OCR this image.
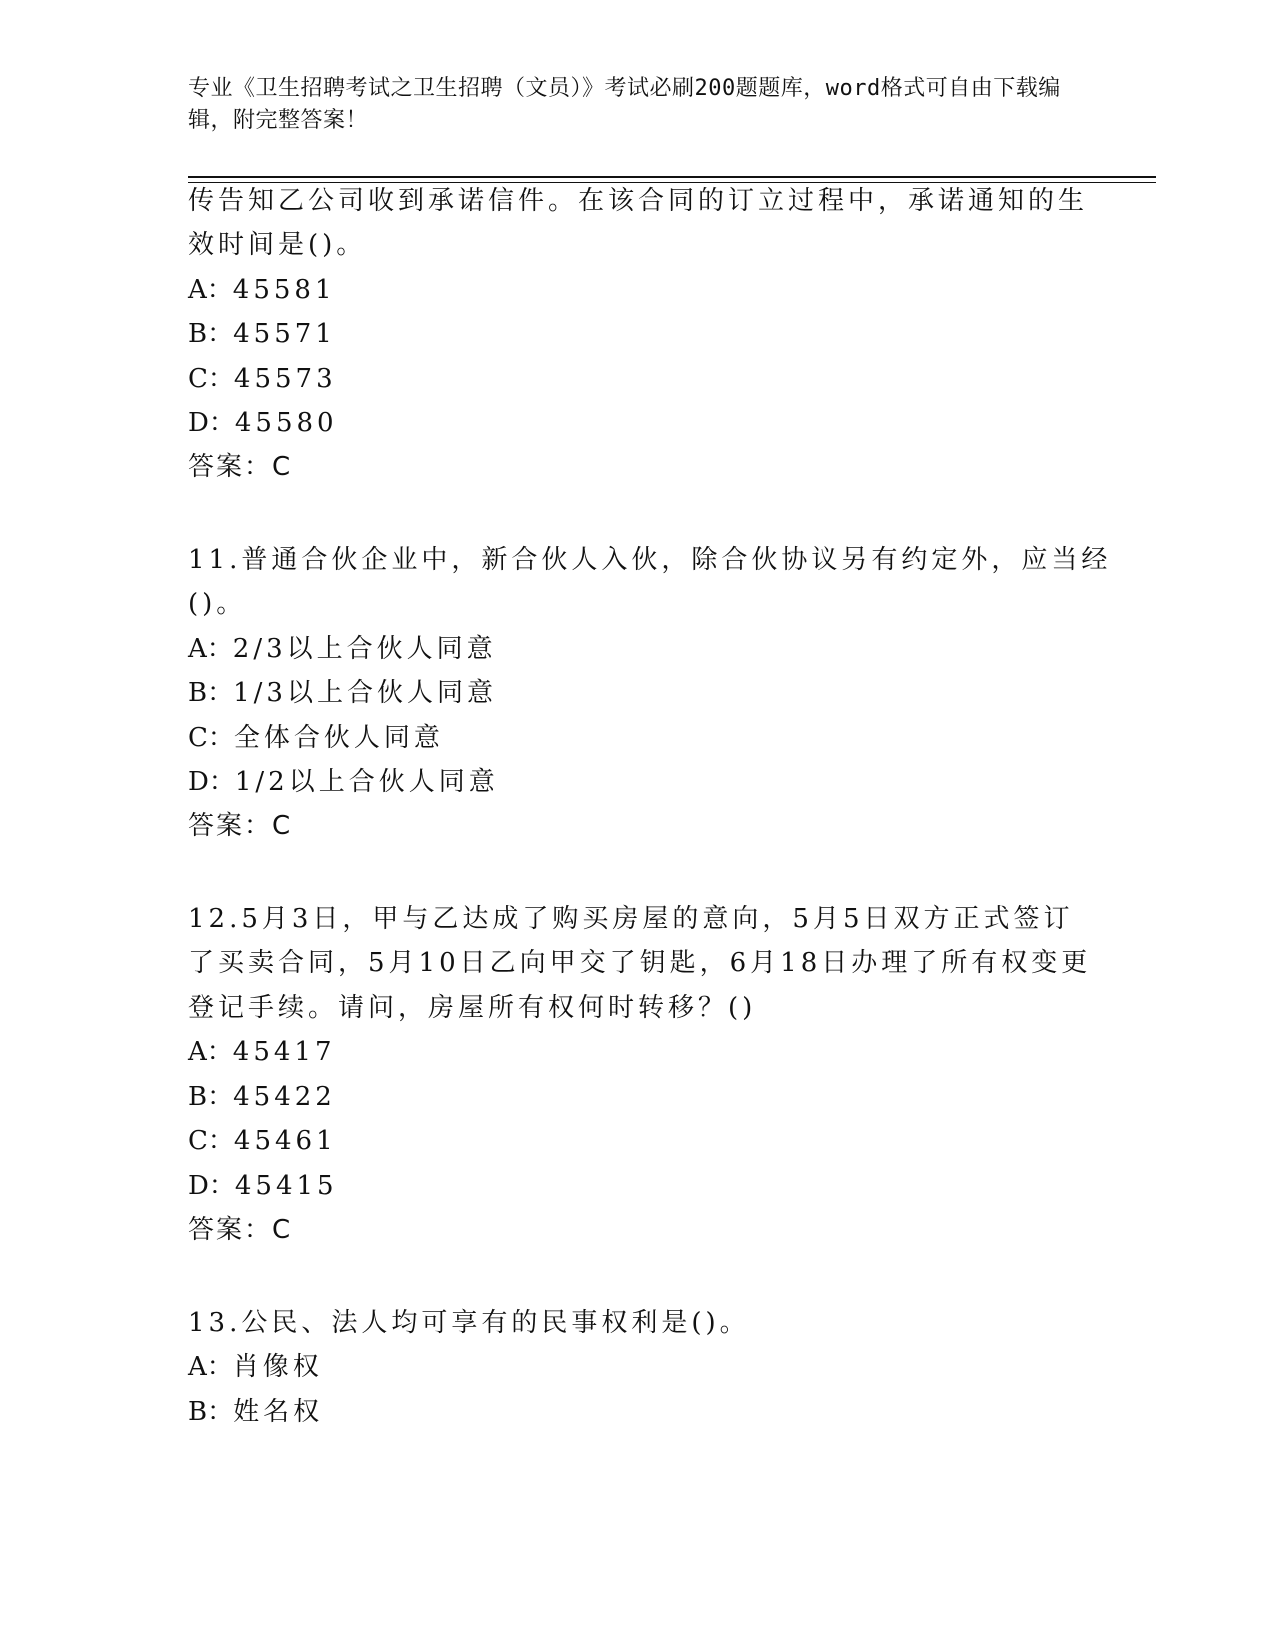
专业《卫生招聘考试之卫生招聘（文员）》考试必刷200题题库，word格式可自由下载编辑，附完整答案！
传告知乙公司收到承诺信件。在该合同的订立过程中，承诺通知的生
效时间是()。
A：45581
B：45571
C：45573
D：45580
答案：C
11.普通合伙企业中，新合伙人入伙，除合伙协议另有约定外，应当经
()。
A：2/3以上合伙人同意
B：1/3以上合伙人同意
C：全体合伙人同意
D：1/2以上合伙人同意
答案：C
12.5月3日，甲与乙达成了购买房屋的意向，5月5日双方正式签订
了买卖合同，5月10日乙向甲交了钥匙，6月18日办理了所有权变更
登记手续。请问，房屋所有权何时转移？()
A：45417
B：45422
C：45461
D：45415
答案：C
13.公民、法人均可享有的民事权利是()。
A：肖像权
B：姓名权
